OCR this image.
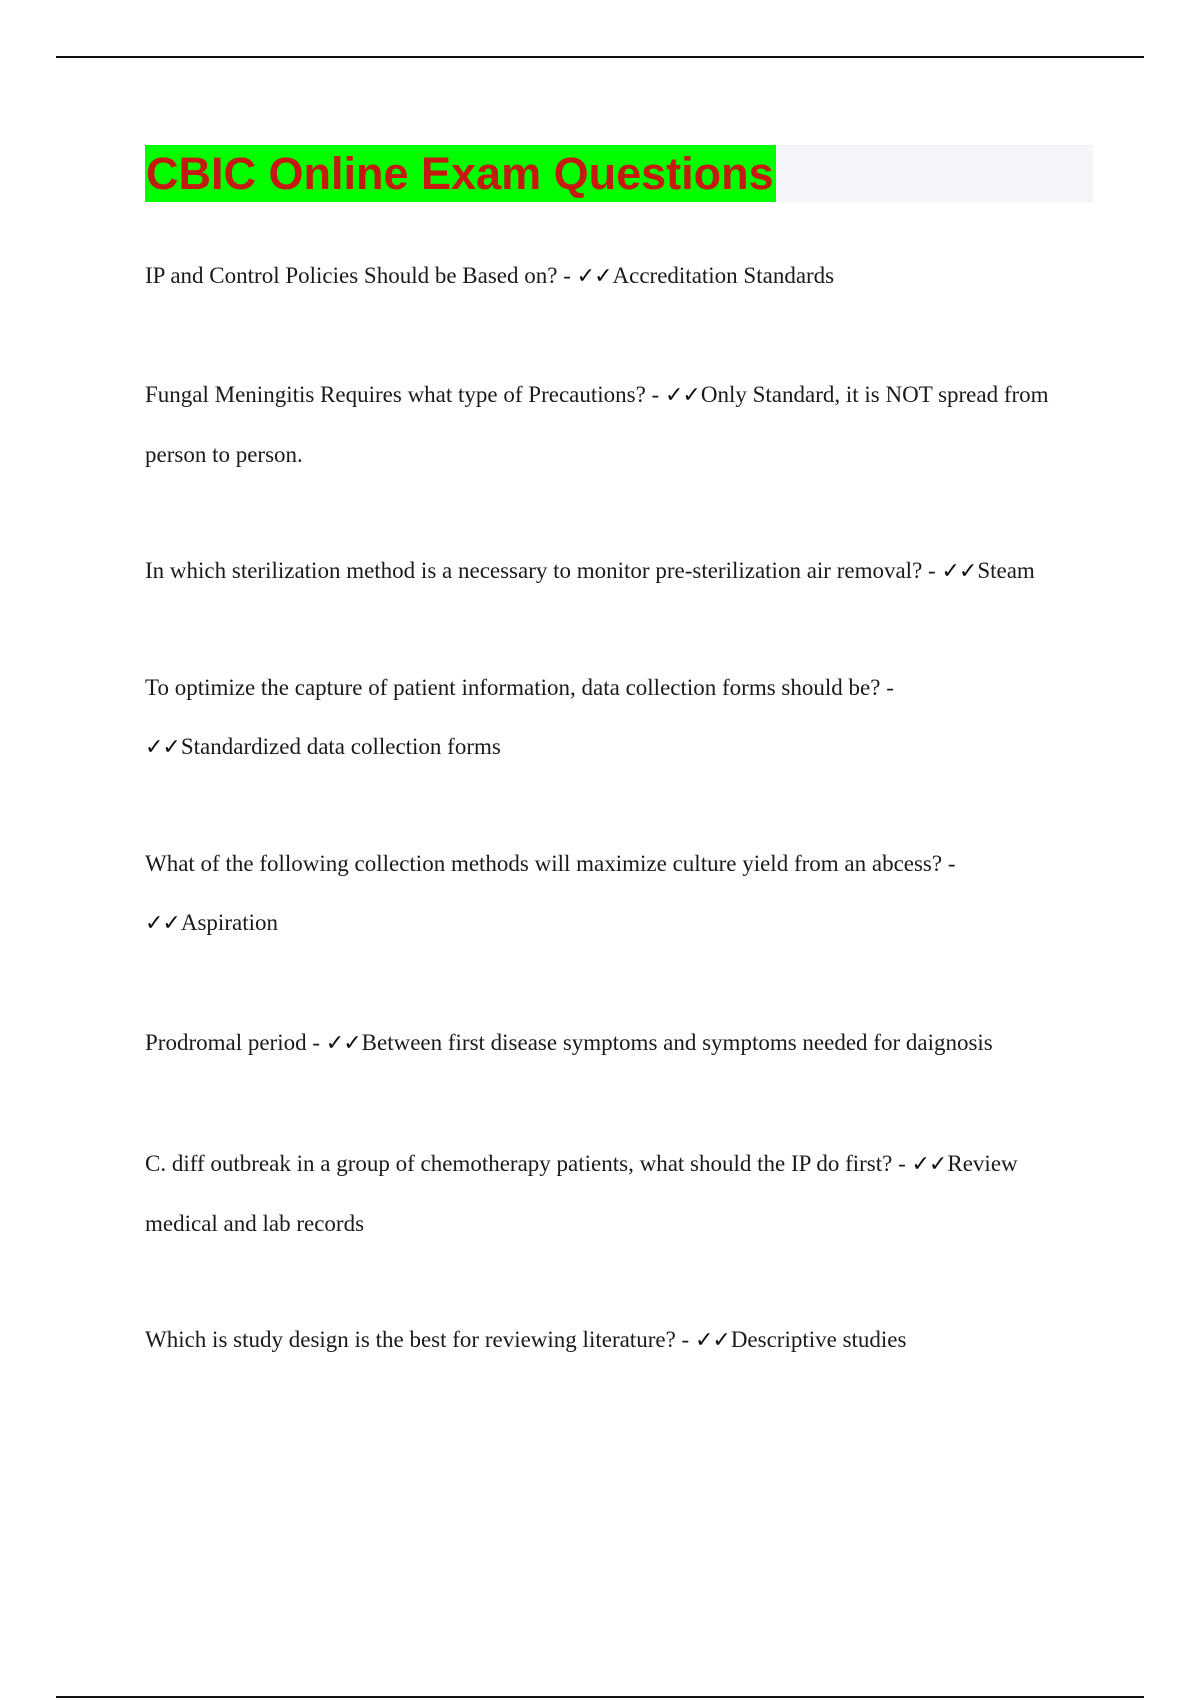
CBIC Online Exam Questions

IP and Control Policies Should be Based on? - ✓✓Accreditation Standards

Fungal Meningitis Requires what type of Precautions? - ✓✓Only Standard, it is NOT spread from person to person.

In which sterilization method is a necessary to monitor pre-sterilization air removal? - ✓✓Steam

To optimize the capture of patient information, data collection forms should be? - ✓✓Standardized data collection forms

What of the following collection methods will maximize culture yield from an abcess? - ✓✓Aspiration

Prodromal period - ✓✓Between first disease symptoms and symptoms needed for daignosis

C. diff outbreak in a group of chemotherapy patients, what should the IP do first? - ✓✓Review medical and lab records

Which is study design is the best for reviewing literature? - ✓✓Descriptive studies
